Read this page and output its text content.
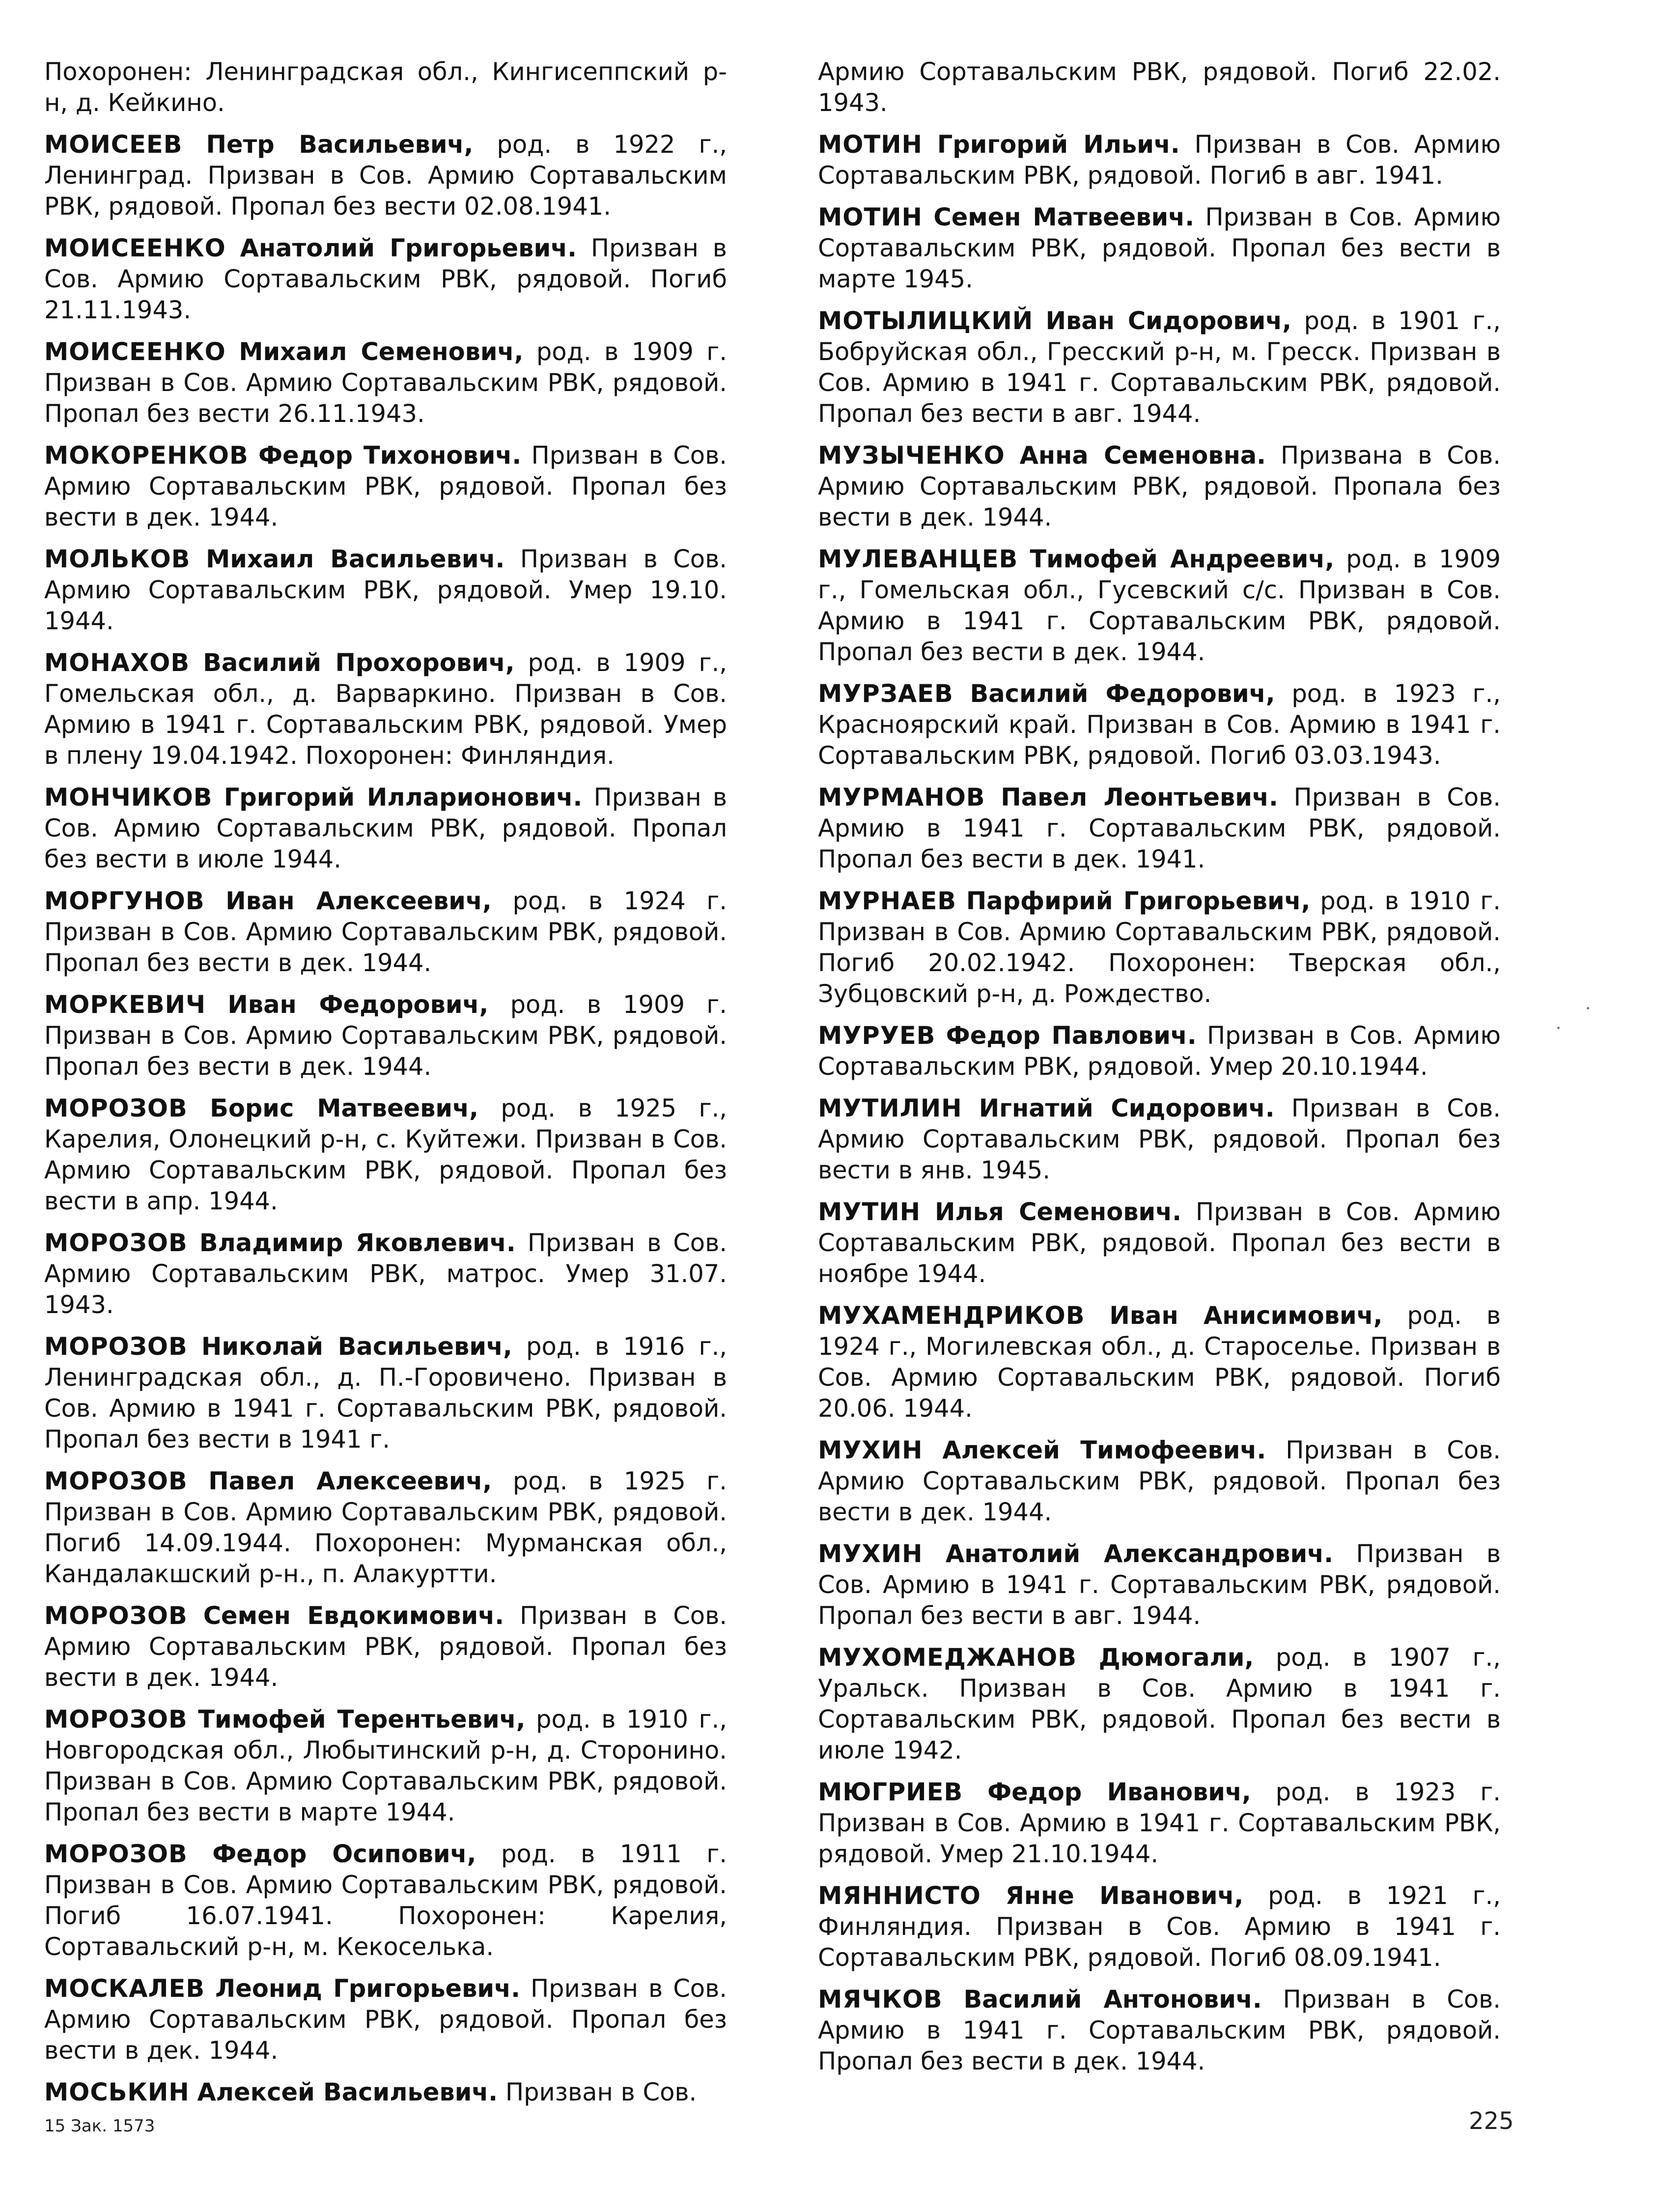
Похоронен: Ленинградская обл., Кингисеппский р-н, д. Кейкино.

МОИСЕЕВ Петр Васильевич, род. в 1922 г., Ленинград. Призван в Сов. Армию Сортавальским РВК, рядовой. Пропал без вести 02.08.1941.

МОИСЕЕНКО Анатолий Григорьевич. Призван в Сов. Армию Сортавальским РВК, рядовой. Погиб 21.11.1943.

МОИСЕЕНКО Михаил Семенович, род. в 1909 г. Призван в Сов. Армию Сортавальским РВК, рядовой. Пропал без вести 26.11.1943.

МОКОРЕНКОВ Федор Тихонович. Призван в Сов. Армию Сортавальским РВК, рядовой. Пропал без вести в дек. 1944.

МОЛЬКОВ Михаил Васильевич. Призван в Сов. Армию Сортавальским РВК, рядовой. Умер 19.10. 1944.

МОНАХОВ Василий Прохорович, род. в 1909 г., Гомельская обл., д. Варваркино. Призван в Сов. Армию в 1941 г. Сортавальским РВК, рядовой. Умер в плену 19.04.1942. Похоронен: Финляндия.

МОНЧИКОВ Григорий Илларионович. Призван в Сов. Армию Сортавальским РВК, рядовой. Пропал без вести в июле 1944.

МОРГУНОВ Иван Алексеевич, род. в 1924 г. Призван в Сов. Армию Сортавальским РВК, рядовой. Пропал без вести в дек. 1944.

МОРКЕВИЧ Иван Федорович, род. в 1909 г. Призван в Сов. Армию Сортавальским РВК, рядовой. Пропал без вести в дек. 1944.

МОРОЗОВ Борис Матвеевич, род. в 1925 г., Карелия, Олонецкий р-н, с. Куйтежи. Призван в Сов. Армию Сортавальским РВК, рядовой. Пропал без вести в апр. 1944.

МОРОЗОВ Владимир Яковлевич. Призван в Сов. Армию Сортавальским РВК, матрос. Умер 31.07. 1943.

МОРОЗОВ Николай Васильевич, род. в 1916 г., Ленинградская обл., д. П.-Горовичено. Призван в Сов. Армию в 1941 г. Сортавальским РВК, рядовой. Пропал без вести в 1941 г.

МОРОЗОВ Павел Алексеевич, род. в 1925 г. Призван в Сов. Армию Сортавальским РВК, рядовой. Погиб 14.09.1944. Похоронен: Мурманская обл., Кандалакшский р-н., п. Алакуртти.

МОРОЗОВ Семен Евдокимович. Призван в Сов. Армию Сортавальским РВК, рядовой. Пропал без вести в дек. 1944.

МОРОЗОВ Тимофей Терентьевич, род. в 1910 г., Новгородская обл., Любытинский р-н, д. Сторонино. Призван в Сов. Армию Сортавальским РВК, рядовой. Пропал без вести в марте 1944.

МОРОЗОВ Федор Осипович, род. в 1911 г. Призван в Сов. Армию Сортавальским РВК, рядовой. Погиб 16.07.1941. Похоронен: Карелия, Сортавальский р-н, м. Кекоселька.

МОСКАЛЕВ Леонид Григорьевич. Призван в Сов. Армию Сортавальским РВК, рядовой. Пропал без вести в дек. 1944.

МОСЬКИН Алексей Васильевич. Призван в Сов.

Армию Сортавальским РВК, рядовой. Погиб 22.02. 1943.

МОТИН Григорий Ильич. Призван в Сов. Армию Сортавальским РВК, рядовой. Погиб в авг. 1941.

МОТИН Семен Матвеевич. Призван в Сов. Армию Сортавальским РВК, рядовой. Пропал без вести в марте 1945.

МОТЫЛИЦКИЙ Иван Сидорович, род. в 1901 г., Бобруйская обл., Гресский р-н, м. Гресск. Призван в Сов. Армию в 1941 г. Сортавальским РВК, рядовой. Пропал без вести в авг. 1944.

МУЗЫЧЕНКО Анна Семеновна. Призвана в Сов. Армию Сортавальским РВК, рядовой. Пропала без вести в дек. 1944.

МУЛЕВАНЦЕВ Тимофей Андреевич, род. в 1909 г., Гомельская обл., Гусевский с/с. Призван в Сов. Армию в 1941 г. Сортавальским РВК, рядовой. Пропал без вести в дек. 1944.

МУРЗАЕВ Василий Федорович, род. в 1923 г., Красноярский край. Призван в Сов. Армию в 1941 г. Сортавальским РВК, рядовой. Погиб 03.03.1943.

МУРМАНОВ Павел Леонтьевич. Призван в Сов. Армию в 1941 г. Сортавальским РВК, рядовой. Пропал без вести в дек. 1941.

МУРНАЕВ Парфирий Григорьевич, род. в 1910 г. Призван в Сов. Армию Сортавальским РВК, рядовой. Погиб 20.02.1942. Похоронен: Тверская обл., Зубцовский р-н, д. Рождество.

МУРУЕВ Федор Павлович. Призван в Сов. Армию Сортавальским РВК, рядовой. Умер 20.10.1944.

МУТИЛИН Игнатий Сидорович. Призван в Сов. Армию Сортавальским РВК, рядовой. Пропал без вести в янв. 1945.

МУТИН Илья Семенович. Призван в Сов. Армию Сортавальским РВК, рядовой. Пропал без вести в ноябре 1944.

МУХАМЕНДРИКОВ Иван Анисимович, род. в 1924 г., Могилевская обл., д. Староселье. Призван в Сов. Армию Сортавальским РВК, рядовой. Погиб 20.06. 1944.

МУХИН Алексей Тимофеевич. Призван в Сов. Армию Сортавальским РВК, рядовой. Пропал без вести в дек. 1944.

МУХИН Анатолий Александрович. Призван в Сов. Армию в 1941 г. Сортавальским РВК, рядовой. Пропал без вести в авг. 1944.

МУХОМЕДЖАНОВ Дюмогали, род. в 1907 г., Уральск. Призван в Сов. Армию в 1941 г. Сортавальским РВК, рядовой. Пропал без вести в июле 1942.

МЮГРИЕВ Федор Иванович, род. в 1923 г. Призван в Сов. Армию в 1941 г. Сортавальским РВК, рядовой. Умер 21.10.1944.

МЯННИСТО Янне Иванович, род. в 1921 г., Финляндия. Призван в Сов. Армию в 1941 г. Сортавальским РВК, рядовой. Погиб 08.09.1941.

МЯЧКОВ Василий Антонович. Призван в Сов. Армию в 1941 г. Сортавальским РВК, рядовой. Пропал без вести в дек. 1944.

15 Зак. 1573	225
